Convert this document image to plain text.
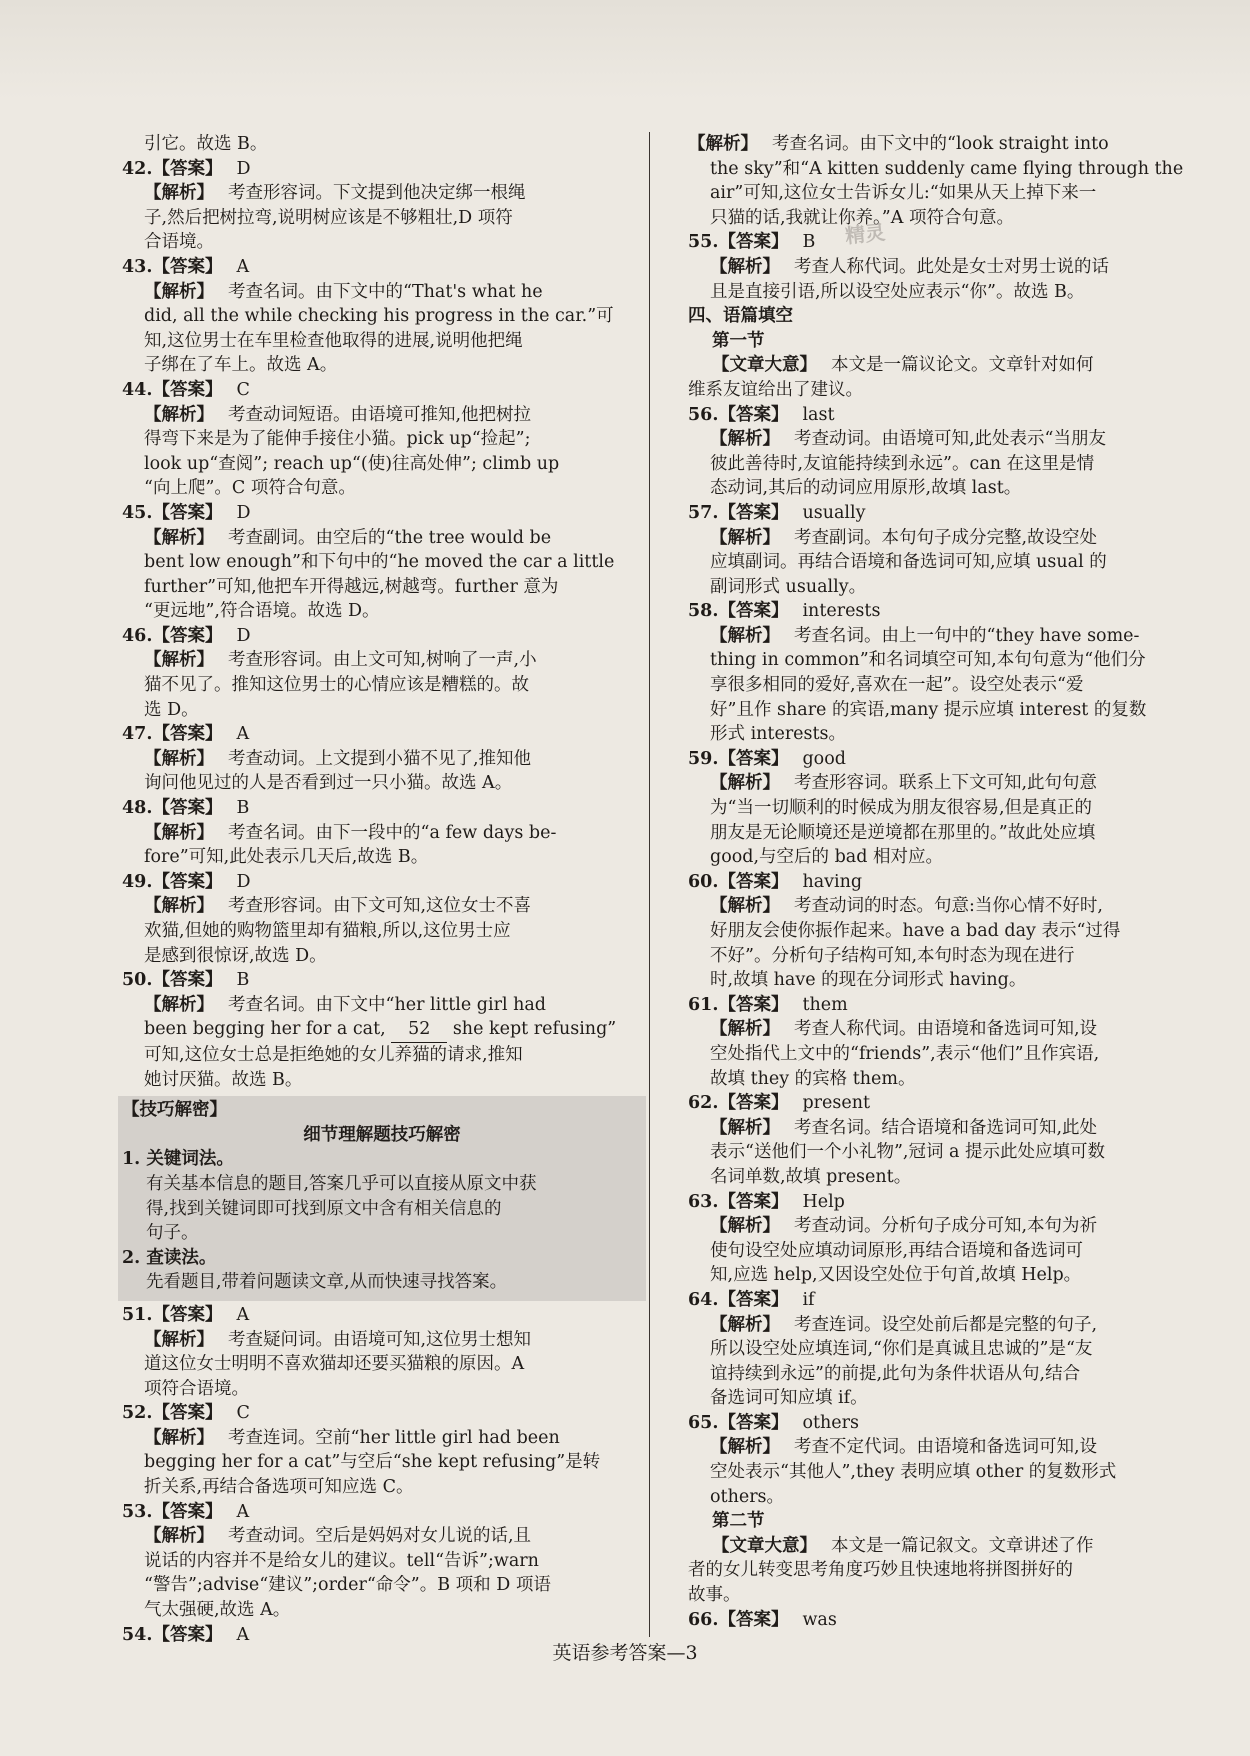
引它。故选 B。
42.【答案】 D
【解析】 考查形容词。下文提到他决定绑一根绳
子,然后把树拉弯,说明树应该是不够粗壮,D 项符
合语境。
43.【答案】 A
【解析】 考查名词。由下文中的“That's what he
did, all the while checking his progress in the car.”可
知,这位男士在车里检查他取得的进展,说明他把绳
子绑在了车上。故选 A。
44.【答案】 C
【解析】 考查动词短语。由语境可推知,他把树拉
得弯下来是为了能伸手接住小猫。pick up“捡起”;
look up“查阅”; reach up“(使)往高处伸”; climb up
“向上爬”。C 项符合句意。
45.【答案】 D
【解析】 考查副词。由空后的“the tree would be
bent low enough”和下句中的“he moved the car a little
further”可知,他把车开得越远,树越弯。further 意为
“更远地”,符合语境。故选 D。
46.【答案】 D
【解析】 考查形容词。由上文可知,树响了一声,小
猫不见了。推知这位男士的心情应该是糟糕的。故
选 D。
47.【答案】 A
【解析】 考查动词。上文提到小猫不见了,推知他
询问他见过的人是否看到过一只小猫。故选 A。
48.【答案】 B
【解析】 考查名词。由下一段中的“a few days be-
fore”可知,此处表示几天后,故选 B。
49.【答案】 D
【解析】 考查形容词。由下文可知,这位女士不喜
欢猫,但她的购物篮里却有猫粮,所以,这位男士应
是感到很惊讶,故选 D。
50.【答案】 B
【解析】 考查名词。由下文中“her little girl had
been begging her for a cat, 52 she kept refusing”
可知,这位女士总是拒绝她的女儿养猫的请求,推知
她讨厌猫。故选 B。
【技巧解密】
细节理解题技巧解密
1. 关键词法。
有关基本信息的题目,答案几乎可以直接从原文中获
得,找到关键词即可找到原文中含有相关信息的
句子。
2. 查读法。
先看题目,带着问题读文章,从而快速寻找答案。
51.【答案】 A
【解析】 考查疑问词。由语境可知,这位男士想知
道这位女士明明不喜欢猫却还要买猫粮的原因。A
项符合语境。
52.【答案】 C
【解析】 考查连词。空前“her little girl had been
begging her for a cat”与空后“she kept refusing”是转
折关系,再结合备选项可知应选 C。
53.【答案】 A
【解析】 考查动词。空后是妈妈对女儿说的话,且
说话的内容并不是给女儿的建议。tell“告诉”;warn
“警告”;advise“建议”;order“命令”。B 项和 D 项语
气太强硬,故选 A。
54.【答案】 A
【解析】 考查名词。由下文中的“look straight into
the sky”和“A kitten suddenly came flying through the
air”可知,这位女士告诉女儿:“如果从天上掉下来一
只猫的话,我就让你养。”A 项符合句意。
55.【答案】 B
【解析】 考查人称代词。此处是女士对男士说的话
且是直接引语,所以设空处应表示“你”。故选 B。
四、语篇填空
第一节
【文章大意】 本文是一篇议论文。文章针对如何
维系友谊给出了建议。
56.【答案】 last
【解析】 考查动词。由语境可知,此处表示“当朋友
彼此善待时,友谊能持续到永远”。can 在这里是情
态动词,其后的动词应用原形,故填 last。
57.【答案】 usually
【解析】 考查副词。本句句子成分完整,故设空处
应填副词。再结合语境和备选词可知,应填 usual 的
副词形式 usually。
58.【答案】 interests
【解析】 考查名词。由上一句中的“they have some-
thing in common”和名词填空可知,本句句意为“他们分
享很多相同的爱好,喜欢在一起”。设空处表示“爱
好”且作 share 的宾语,many 提示应填 interest 的复数
形式 interests。
59.【答案】 good
【解析】 考查形容词。联系上下文可知,此句句意
为“当一切顺利的时候成为朋友很容易,但是真正的
朋友是无论顺境还是逆境都在那里的。”故此处应填
good,与空后的 bad 相对应。
60.【答案】 having
【解析】 考查动词的时态。句意:当你心情不好时,
好朋友会使你振作起来。have a bad day 表示“过得
不好”。分析句子结构可知,本句时态为现在进行
时,故填 have 的现在分词形式 having。
61.【答案】 them
【解析】 考查人称代词。由语境和备选词可知,设
空处指代上文中的“friends”,表示“他们”且作宾语,
故填 they 的宾格 them。
62.【答案】 present
【解析】 考查名词。结合语境和备选词可知,此处
表示“送他们一个小礼物”,冠词 a 提示此处应填可数
名词单数,故填 present。
63.【答案】 Help
【解析】 考查动词。分析句子成分可知,本句为祈
使句设空处应填动词原形,再结合语境和备选词可
知,应选 help,又因设空处位于句首,故填 Help。
64.【答案】 if
【解析】 考查连词。设空处前后都是完整的句子,
所以设空处应填连词,“你们是真诚且忠诚的”是“友
谊持续到永远”的前提,此句为条件状语从句,结合
备选词可知应填 if。
65.【答案】 others
【解析】 考查不定代词。由语境和备选词可知,设
空处表示“其他人”,they 表明应填 other 的复数形式
others。
第二节
【文章大意】 本文是一篇记叙文。文章讲述了作
者的女儿转变思考角度巧妙且快速地将拼图拼好的
故事。
66.【答案】 was
精灵
英语参考答案—3
